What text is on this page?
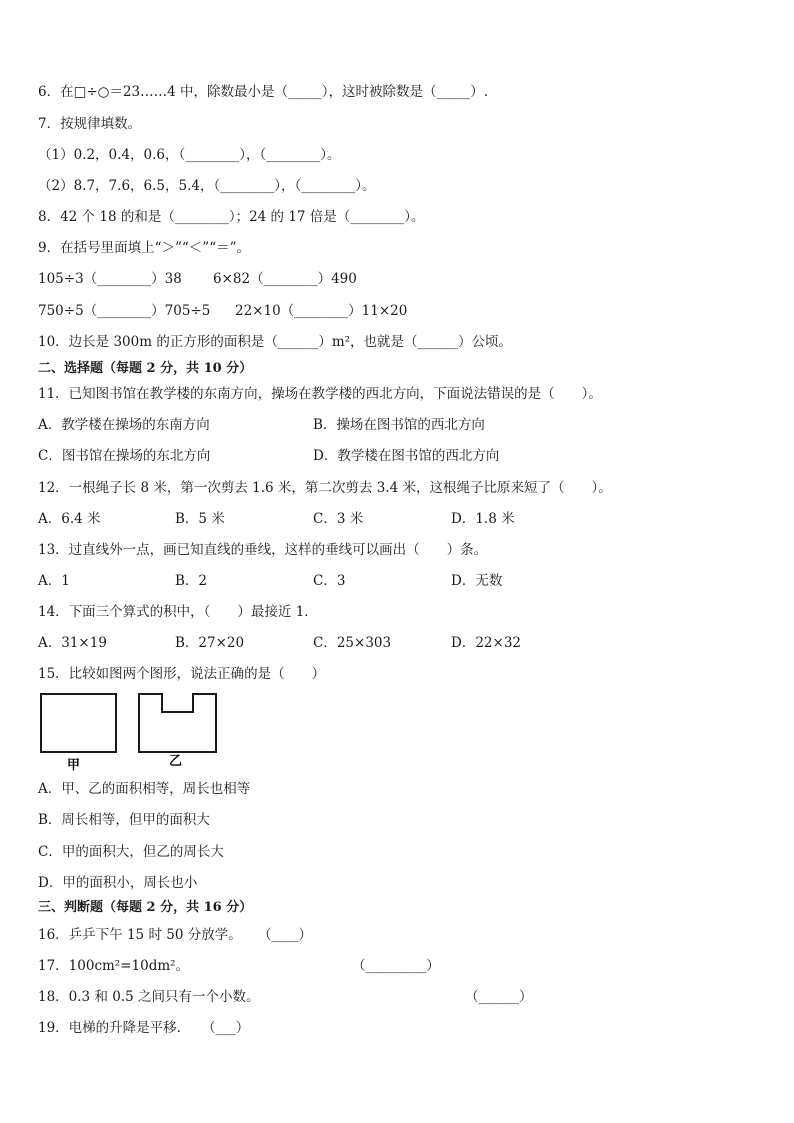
6．在□÷○＝23……4 中，除数最小是（_____），这时被除数是（_____）.
7．按规律填数。
（1）0.2，0.4，0.6，（________），（________）。
（2）8.7，7.6，6.5，5.4，（________），（________）。
8．42 个 18 的和是（________）；24 的 17 倍是（________）。
9．在括号里面填上“＞”“＜”“＝”。
105÷3（________）38 6×82（________）490
750÷5（________）705÷5 22×10（________）11×20
10．边长是 300m 的正方形的面积是（______）m²，也就是（______）公顷。
二、选择题（每题 2 分，共 10 分）
11．已知图书馆在教学楼的东南方向，操场在教学楼的西北方向，下面说法错误的是（　　）。
A．教学楼在操场的东南方向	B．操场在图书馆的西北方向
C．图书馆在操场的东北方向	D．教学楼在图书馆的西北方向
12．一根绳子长 8 米，第一次剪去 1.6 米，第二次剪去 3.4 米，这根绳子比原来短了（　　）。
A．6.4 米	B．5 米	C．3 米	D．1.8 米
13．过直线外一点，画已知直线的垂线，这样的垂线可以画出（　　）条。
A．1	B．2	C．3	D．无数
14．下面三个算式的积中，（　　）最接近 1．
A．31×19	B．27×20	C．25×303	D．22×32
15．比较如图两个图形，说法正确的是（　　）
甲	乙
A．甲、乙的面积相等，周长也相等
B．周长相等，但甲的面积大
C．甲的面积大，但乙的周长大
D．甲的面积小，周长也小
三、判断题（每题 2 分，共 16 分）
16．乒乒下午 15 时 50 分放学。 （____）
17．100cm²=10dm²。	（_________）
18．0.3 和 0.5 之间只有一个小数。	（______）
19．电梯的升降是平移． （___）
